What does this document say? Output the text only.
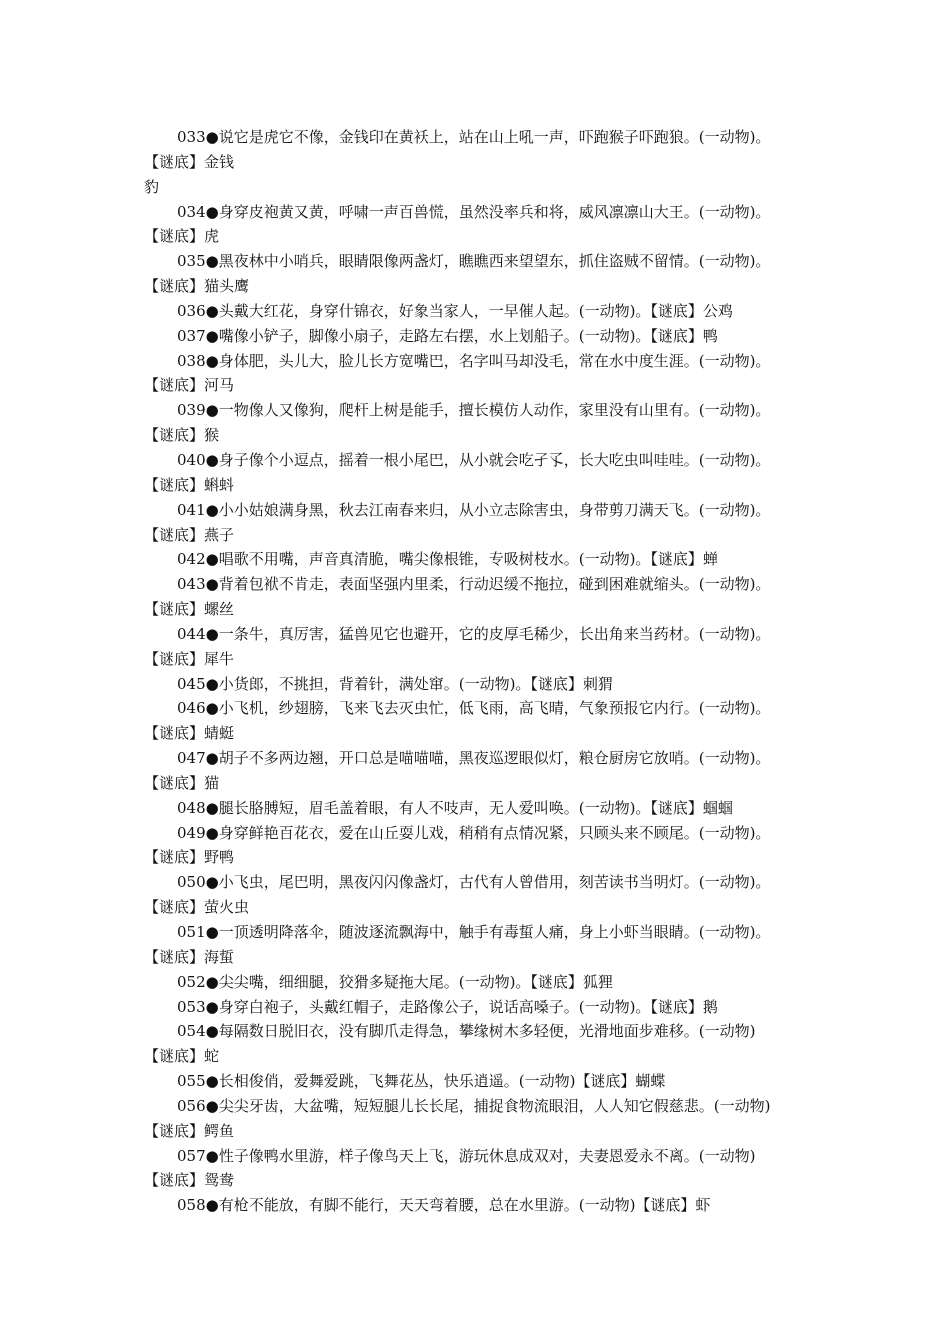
033●说它是虎它不像，金钱印在黄袄上，站在山上吼一声，吓跑猴子吓跑狼。(一动物)。
【谜底】金钱
豹
034●身穿皮袍黄又黄，呼啸一声百兽慌，虽然没率兵和将，威风凛凛山大王。(一动物)。
【谜底】虎
035●黑夜林中小哨兵，眼睛限像两盏灯，瞧瞧西来望望东，抓住盗贼不留情。(一动物)。
【谜底】猫头鹰
036●头戴大红花，身穿什锦衣，好象当家人，一早催人起。(一动物)。【谜底】公鸡
037●嘴像小铲子，脚像小扇子，走路左右摆，水上划船子。(一动物)。【谜底】鸭
038●身体肥，头儿大，脸儿长方宽嘴巴，名字叫马却没毛，常在水中度生涯。(一动物)。
【谜底】河马
039●一物像人又像狗，爬杆上树是能手，擅长模仿人动作，家里没有山里有。(一动物)。
【谜底】猴
040●身子像个小逗点，摇着一根小尾巴，从小就会吃孑孓，长大吃虫叫哇哇。(一动物)。
【谜底】蝌蚪
041●小小姑娘满身黑，秋去江南春来归，从小立志除害虫，身带剪刀满天飞。(一动物)。
【谜底】燕子
042●唱歌不用嘴，声音真清脆，嘴尖像根锥，专吸树枝水。(一动物)。【谜底】蝉
043●背着包袱不肯走，表面坚强内里柔，行动迟缓不拖拉，碰到困难就缩头。(一动物)。
【谜底】螺丝
044●一条牛，真厉害，猛兽见它也避开，它的皮厚毛稀少，长出角来当药材。(一动物)。
【谜底】犀牛
045●小货郎，不挑担，背着针，满处窜。(一动物)。【谜底】刺猬
046●小飞机，纱翅膀，飞来飞去灭虫忙，低飞雨，高飞晴，气象预报它内行。(一动物)。
【谜底】蜻蜓
047●胡子不多两边翘，开口总是喵喵喵，黑夜巡逻眼似灯，粮仓厨房它放哨。(一动物)。
【谜底】猫
048●腿长胳膊短，眉毛盖着眼，有人不吱声，无人爱叫唤。(一动物)。【谜底】蝈蝈
049●身穿鲜艳百花衣，爱在山丘耍儿戏，稍稍有点情况紧，只顾头来不顾尾。(一动物)。
【谜底】野鸭
050●小飞虫，尾巴明，黑夜闪闪像盏灯，古代有人曾借用，刻苦读书当明灯。(一动物)。
【谜底】萤火虫
051●一顶透明降落伞，随波逐流飘海中，触手有毒蜇人痛，身上小虾当眼睛。(一动物)。
【谜底】海蜇
052●尖尖嘴，细细腿，狡猾多疑拖大尾。(一动物)。【谜底】狐狸
053●身穿白袍子，头戴红帽子，走路像公子，说话高嗓子。(一动物)。【谜底】鹅
054●每隔数日脱旧衣，没有脚爪走得急，攀缘树木多轻便，光滑地面步难移。(一动物)
【谜底】蛇
055●长相俊俏，爱舞爱跳，飞舞花丛，快乐逍遥。(一动物)【谜底】蝴蝶
056●尖尖牙齿，大盆嘴，短短腿儿长长尾，捕捉食物流眼泪，人人知它假慈悲。(一动物)
【谜底】鳄鱼
057●性子像鸭水里游，样子像鸟天上飞，游玩休息成双对，夫妻恩爱永不离。(一动物)
【谜底】鸳鸯
058●有枪不能放，有脚不能行，天天弯着腰，总在水里游。(一动物)【谜底】虾
